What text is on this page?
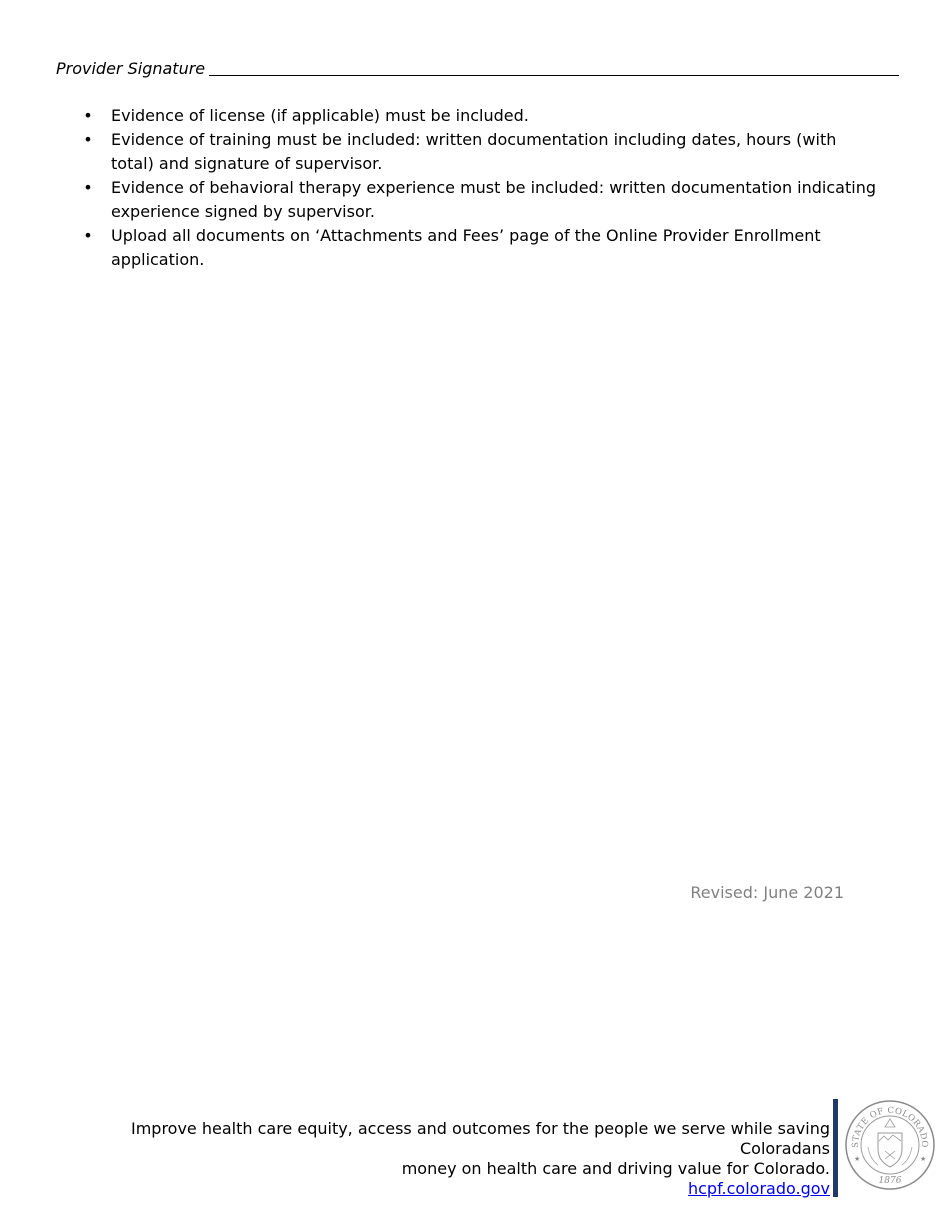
Provider Signature
• Evidence of license (if applicable) must be included.
• Evidence of training must be included: written documentation including dates, hours (with total) and signature of supervisor.
• Evidence of behavioral therapy experience must be included: written documentation indicating experience signed by supervisor.
• Upload all documents on ‘Attachments and Fees’ page of the Online Provider Enrollment application.
Revised: June 2021
Improve health care equity, access and outcomes for the people we serve while saving Coloradans
money on health care and driving value for Colorado.
hcpf.colorado.gov
STATE OF COLORADO
★	★
1876
